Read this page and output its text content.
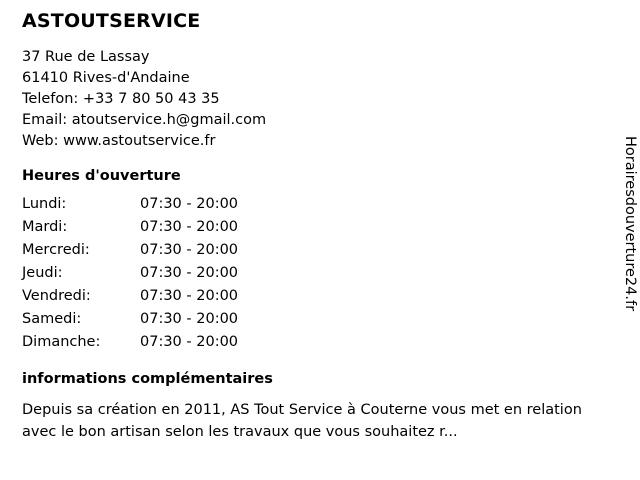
ASTOUTSERVICE
37 Rue de Lassay
61410 Rives-d'Andaine
Telefon: +33 7 80 50 43 35
Email: atoutservice.h@gmail.com
Web: www.astoutservice.fr
Heures d'ouverture
Lundi:	07:30 - 20:00
Mardi:	07:30 - 20:00
Mercredi:	07:30 - 20:00
Jeudi:	07:30 - 20:00
Vendredi:	07:30 - 20:00
Samedi:	07:30 - 20:00
Dimanche:	07:30 - 20:00
informations complémentaires
Depuis sa création en 2011, AS Tout Service à Couterne vous met en relation avec le bon artisan selon les travaux que vous souhaitez r...
Horairesdouverture24.fr
